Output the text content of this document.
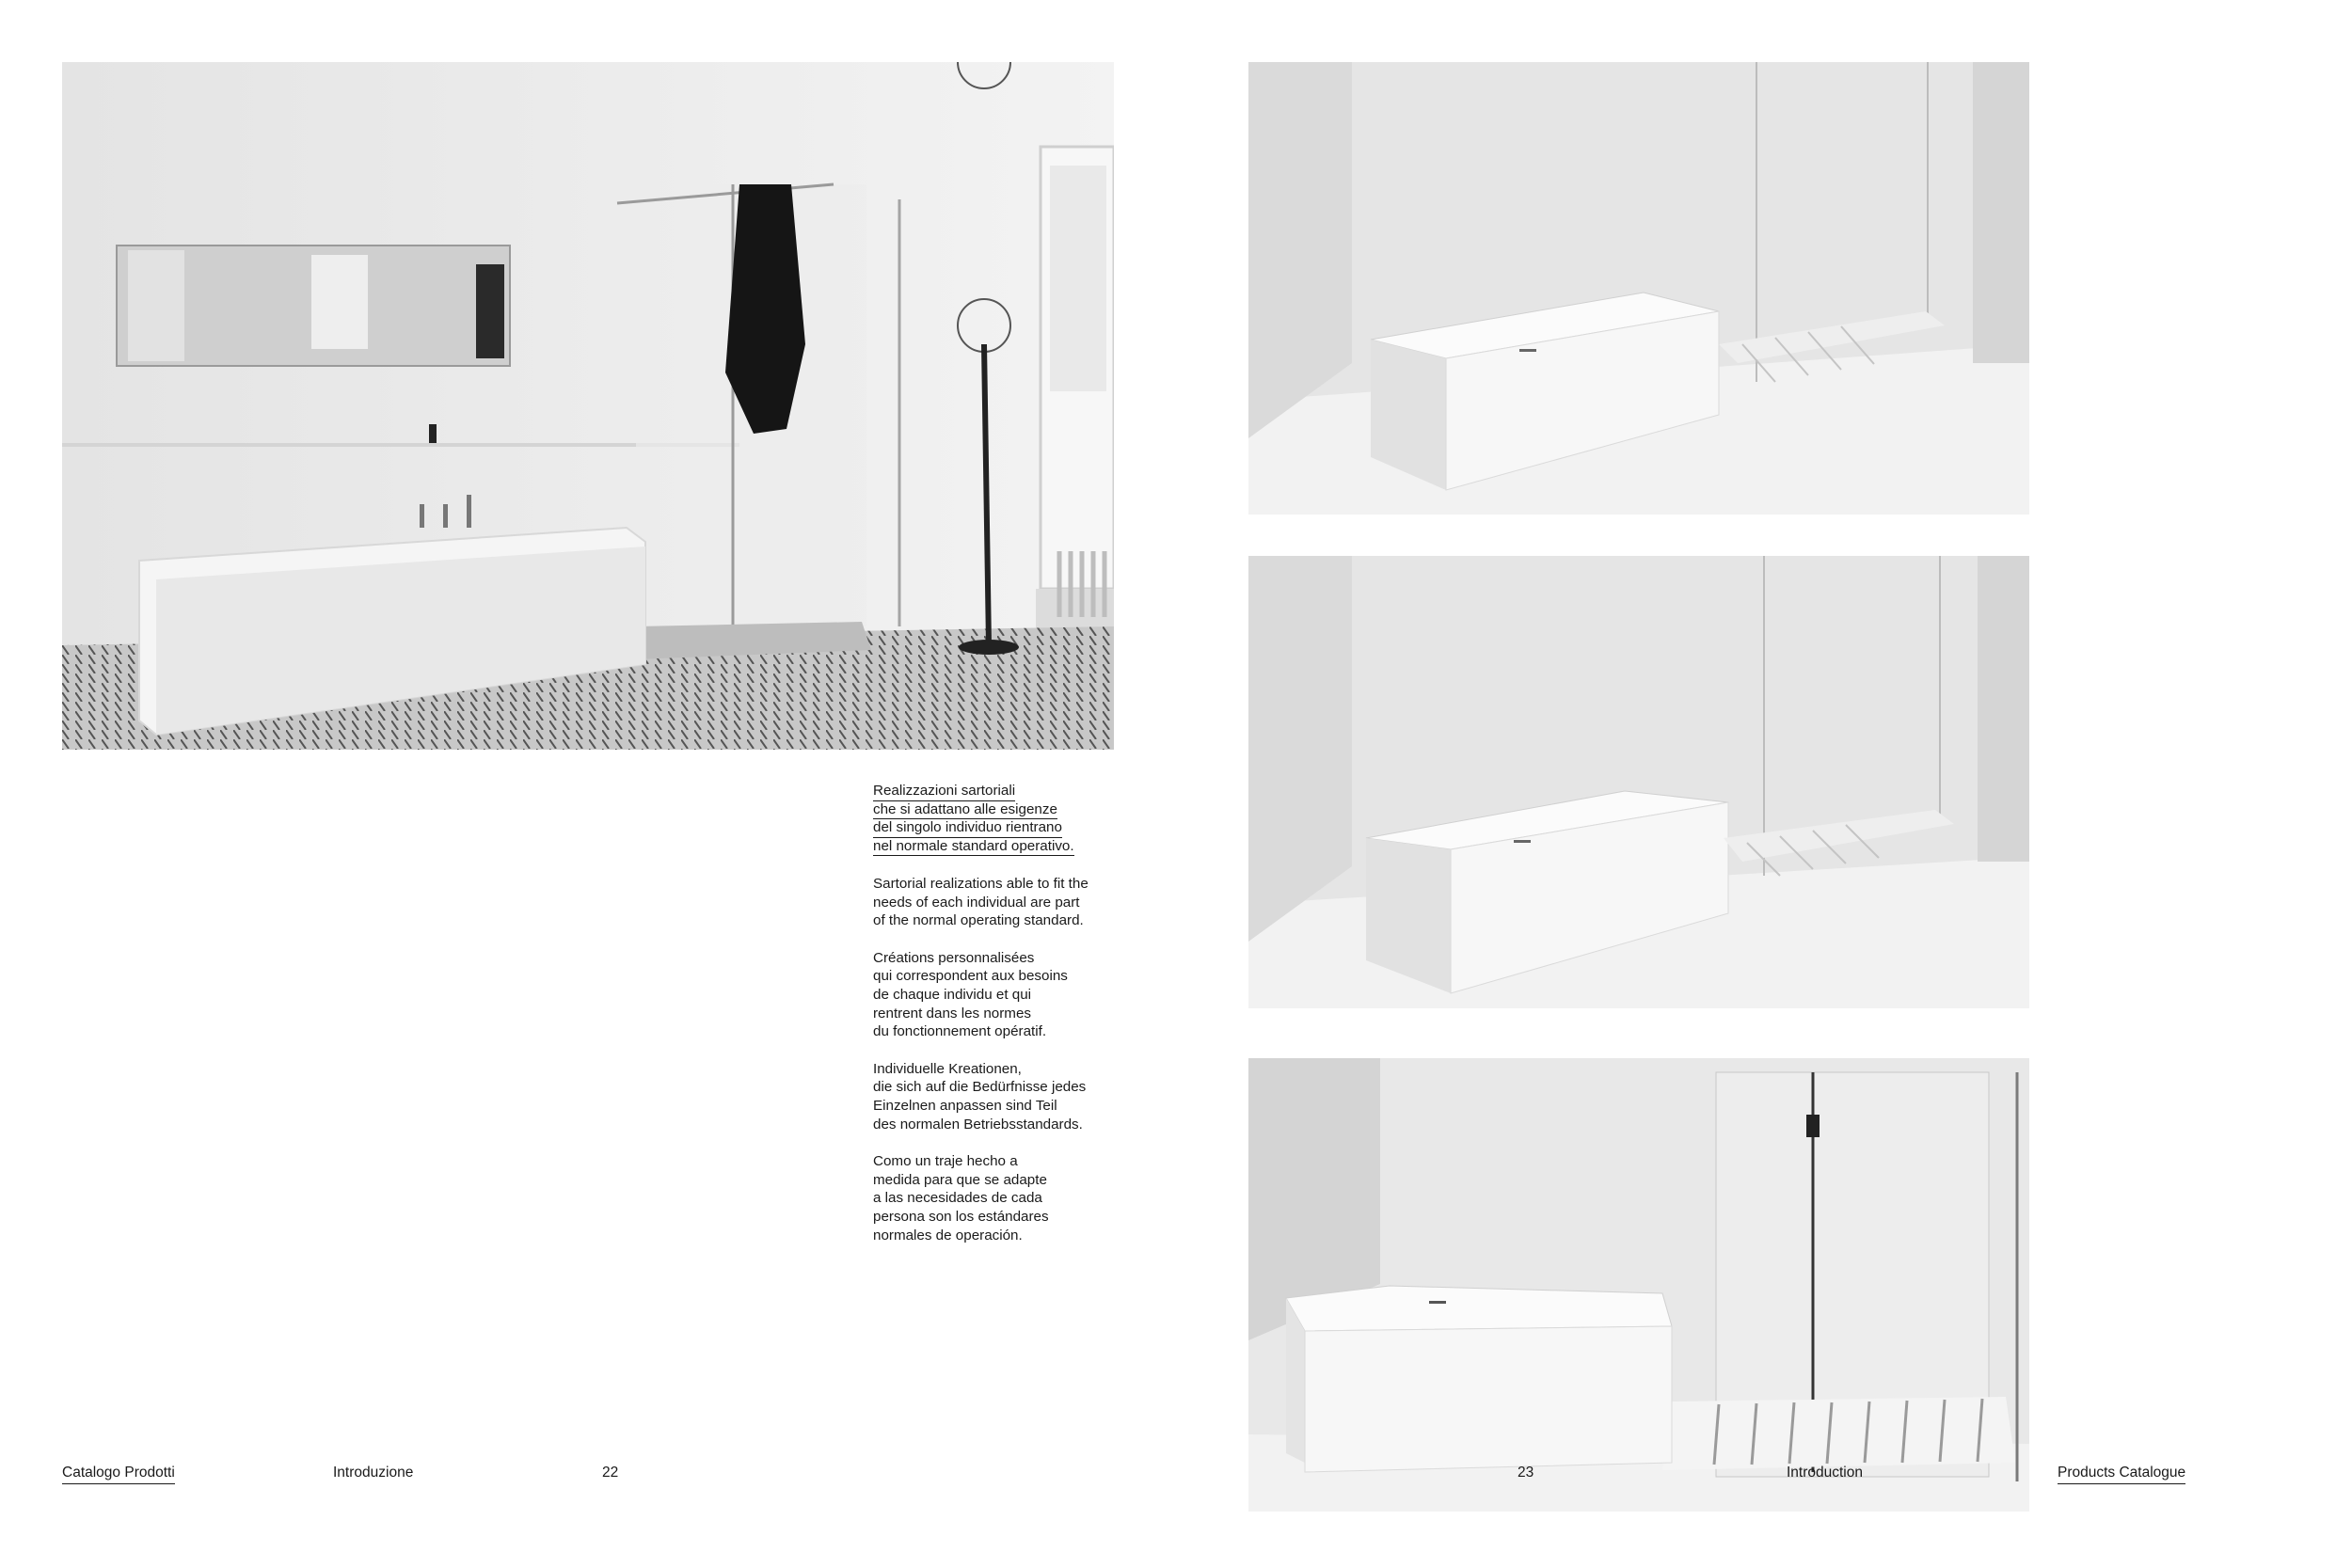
Realizzazioni sartoriali
che si adattano alle esigenze
del singolo individuo rientrano
nel normale standard operativo.

Sartorial realizations able to fit the
needs of each individual are part
of the normal operating standard.

Créations personnalisées
qui correspondent aux besoins
de chaque individu et qui
rentrent dans les normes
du fonctionnement opératif.

Individuelle Kreationen,
die sich auf die Bedürfnisse jedes
Einzelnen anpassen sind Teil
des normalen Betriebsstandards.

Como un traje hecho a
medida para que se adapte
a las necesidades de cada
persona son los estándares
normales de operación.

Catalogo Prodotti	Introduzione	22	23	Introduction	Products Catalogue
